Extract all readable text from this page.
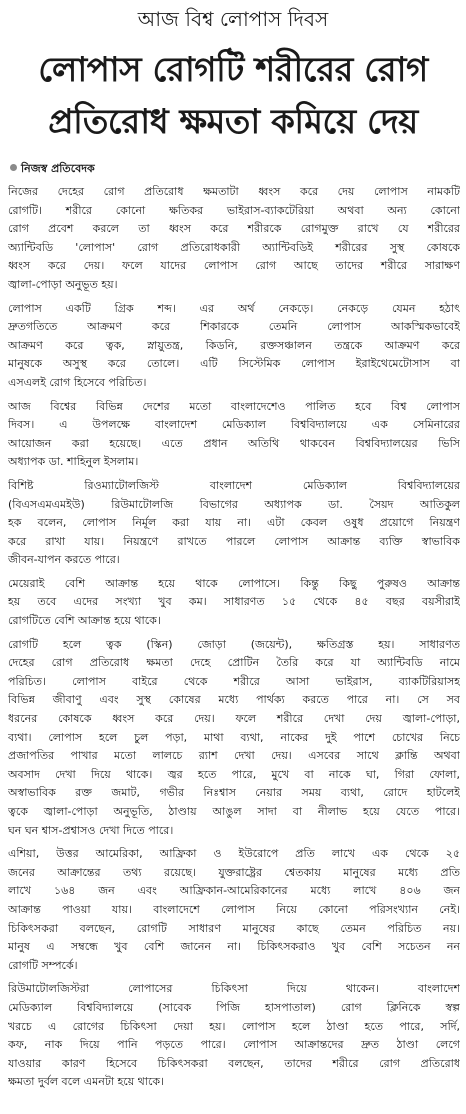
আজ বিশ্ব লোপাস দিবস
লোপাস রোগটি শরীরের রোগ
প্রতিরোধ ক্ষমতা কমিয়ে দেয়
নিজস্ব প্রতিবেদক

নিজের দেহের রোগ প্রতিরোধ ক্ষমতাটা ধ্বংস করে দেয় লোপাস নামকটি
রোগটি। শরীরে কোনো ক্ষতিকর ভাইরাস-ব্যাকটেরিয়া অথবা অন্য কোনো
রোগ প্রবেশ করলে তা ধ্বংস করে শরীরকে রোগমুক্ত রাখে যে শরীরের
অ্যান্টিবডি 'লোপাস' রোগ প্রতিরোধকারী অ্যান্টিবডিই শরীরের সুস্থ কোষকে
ধ্বংস করে দেয়। ফলে যাদের লোপাস রোগ আছে তাদের শরীরে সারাক্ষণ
জ্বালা-পোড়া অনুভূত হয়।

লোপাস একটি গ্রিক শব্দ। এর অর্থ নেকড়ে। নেকড়ে যেমন হঠাৎ
দ্রুতগতিতে আক্রমণ করে শিকারকে তেমনি লোপাস আকস্মিকভাবেই
আক্রমণ করে ত্বক, স্নায়ুতন্ত্র, কিডনি, রক্তসঞ্চালন তন্ত্রকে আক্রমণ করে
মানুষকে অসুস্থ করে তোলে। এটি সিস্টেমিক লোপাস ইরাইথেমেটোসাস বা
এসএলই রোগ হিসেবে পরিচিত।

আজ বিশ্বের বিভিন্ন দেশের মতো বাংলাদেশেও পালিত হবে বিশ্ব লোপাস
দিবস। এ উপলক্ষে বাংলাদেশ মেডিক্যাল বিশ্ববিদ্যালয়ে এক সেমিনারের
আয়োজন করা হয়েছে। এতে প্রধান অতিথি থাকবেন বিশ্ববিদ্যালয়ের ভিসি
অধ্যাপক ডা. শাহিনুল ইসলাম।

বিশিষ্ট রিওম্যাটোলজিস্ট বাংলাদেশ মেডিক্যাল বিশ্ববিদ্যালয়ের
(বিএসএমএমইউ) রিউমাটোলজি বিভাগের অধ্যাপক ডা. সৈয়দ আতিকুল
হক বলেন, লোপাস নির্মূল করা যায় না। এটা কেবল ওষুধ প্রয়োগে নিয়ন্ত্রণ
করে রাখা যায়। নিয়ন্ত্রণে রাখতে পারলে লোপাস আক্রান্ত ব্যক্তি স্বাভাবিক
জীবন-যাপন করতে পারে।

মেয়েরাই বেশি আক্রান্ত হয়ে থাকে লোপাসে। কিন্তু কিছু পুরুষও আক্রান্ত
হয় তবে এদের সংখ্যা খুব কম। সাধারণত ১৫ থেকে ৪৫ বছর বয়সীরাই
রোগটিতে বেশি আক্রান্ত হয়ে থাকে।

রোগটি হলে ত্বক (স্কিন) জোড়া (জয়েন্ট), ক্ষতিগ্রস্ত হয়। সাধারণত
দেহের রোগ প্রতিরোধ ক্ষমতা দেহে প্রোটিন তৈরি করে যা অ্যান্টিবডি নামে
পরিচিত। লোপাস বাইরে থেকে শরীরে আসা ভাইরাস, ব্যাকটিরিয়াসহ
বিভিন্ন জীবাণু এবং সুস্থ কোষের মধ্যে পার্থক্য করতে পারে না। সে সব
ধরনের কোষকে ধ্বংস করে দেয়। ফলে শরীরে দেখা দেয় জ্বালা-পোড়া,
ব্যথা। লোপাস হলে চুল পড়া, মাথা ব্যথা, নাকের দুই পাশে চোখের নিচে
প্রজাপতির পাখার মতো লালচে র‍্যাশ দেখা দেয়। এসবের সাথে ক্লান্তি অথবা
অবসাদ দেখা দিয়ে থাকে। জ্বর হতে পারে, মুখে বা নাকে ঘা, গিরা ফোলা,
অস্বাভাবিক রক্ত জমাট, গভীর নিঃশ্বাস নেয়ার সময় ব্যথা, রোদে হাটলেই
ত্বকে জ্বালা-পোড়া অনুভূতি, ঠাণ্ডায় আঙুল সাদা বা নীলাভ হয়ে যেতে পারে।
ঘন ঘন শ্বাস-প্রশ্বাসও দেখা দিতে পারে।

এশিয়া, উত্তর আমেরিকা, আফ্রিকা ও ইউরোপে প্রতি লাখে এক থেকে ২৫
জনের আক্রান্তের তথ্য রয়েছে। যুক্তরাষ্ট্রের শ্বেতকায় মানুষের মধ্যে প্রতি
লাখে ১৬৪ জন এবং আফ্রিকান-আমেরিকানের মধ্যে লাখে ৪০৬ জন
আক্রান্ত পাওয়া যায়। বাংলাদেশে লোপাস নিয়ে কোনো পরিসংখ্যান নেই।
চিকিৎসকরা বলছেন, রোগটি সাধারণ মানুষের কাছে তেমন পরিচিত নয়।
মানুষ এ সম্বন্ধে খুব বেশি জানেন না। চিকিৎসকরাও খুব বেশি সচেতন নন
রোগটি সম্পর্কে।

রিউমাটোলজিস্টরা লোপাসের চিকিৎসা দিয়ে থাকেন। বাংলাদেশ
মেডিক্যাল বিশ্ববিদ্যালয়ে (সাবেক পিজি হাসপাতাল) রোগ ক্লিনিকে স্বল্প
খরচে এ রোগের চিকিৎসা দেয়া হয়। লোপাস হলে ঠাণ্ডা হতে পারে, সর্দি,
কফ, নাক দিয়ে পানি পড়তে পারে। লোপাস আক্রান্তদের দ্রুত ঠাণ্ডা লেগে
যাওয়ার কারণ হিসেবে চিকিৎসকরা বলছেন, তাদের শরীরে রোগ প্রতিরোধ
ক্ষমতা দুর্বল বলে এমনটা হয়ে থাকে।
